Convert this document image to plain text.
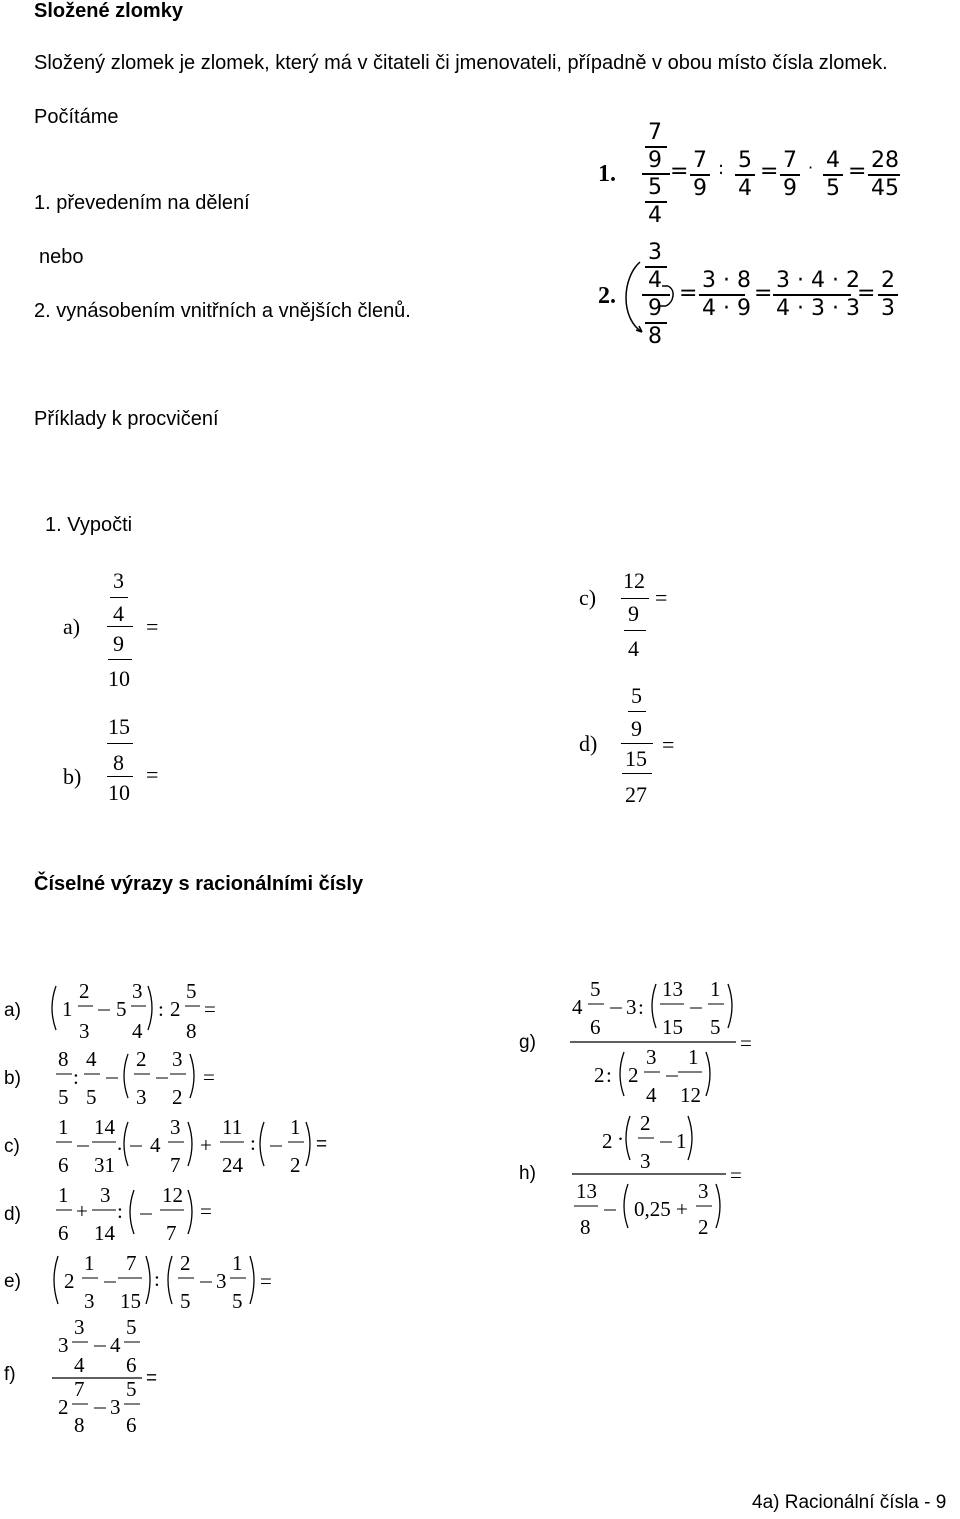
Složené zlomky
Složený zlomek je zlomek, který má v čitateli či jmenovateli, případně v obou místo čísla zlomek.
Počítáme
1. převedením na dělení
nebo
2. vynásobením vnitřních a vnějších členů.
1.
7
9
5
4
= 7
9
: 5
4
= 7
9
· 4
5
= 28
45
2.
3
4
9
8
=
3 · 8
4 · 9
=
3 · 4 · 2
4 · 3 · 3
=
2
3
Příklady k procvičení
1. Vypočti
a)
3
4
9
10
=
b)
15
8
10
=
c)
12
9
4
=
d)
5
9
15
27
=
Číselné výrazy s racionálními čísly
a)
b)
c)
d)
e)
f)
g)
h)
1
2
3
5
3
4
: 2
5
8
=
8
5
:
4
5
2
3
3
2
=
1
6
14
31
. 4
3
7
+
11
24
:
1
2
=
1
6
+
3
14
:
12
7
=
2
1
3
7
15
:
2
5
3
1
5
=
3
3
4
4
5
6
2
7
8
3
5
6
=
4
5
6
3 :
13
15
1
5
=
2 : 2
3
4
1
12
2 ·
2
3
1
=
13
8
0,25 +
3
2
4a) Racionální čísla - 9
